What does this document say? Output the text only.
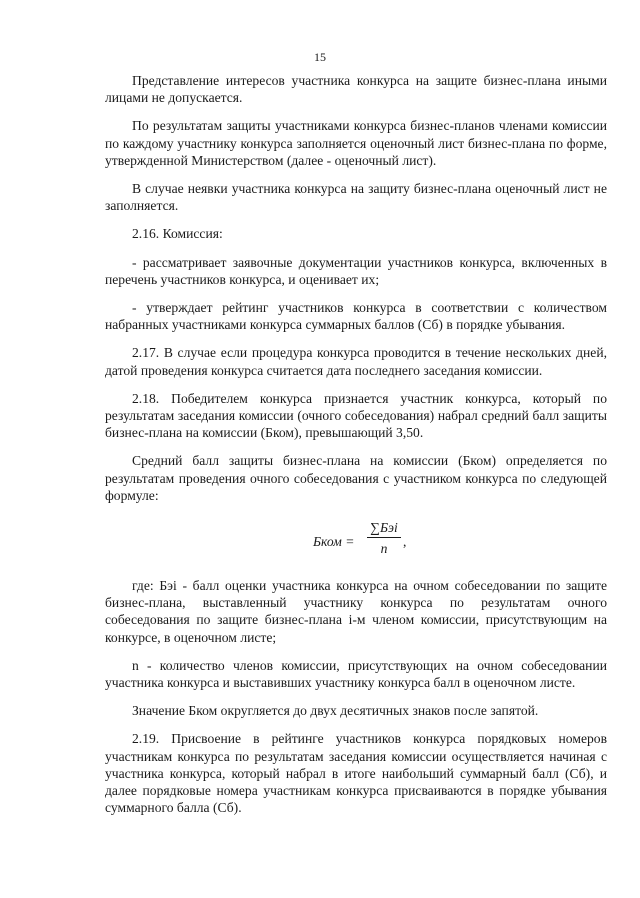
15

Представление интересов участника конкурса на защите бизнес-плана иными лицами не допускается.

По результатам защиты участниками конкурса бизнес-планов членами комиссии по каждому участнику конкурса заполняется оценочный лист бизнес-плана по форме, утвержденной Министерством (далее - оценочный лист).

В случае неявки участника конкурса на защиту бизнес-плана оценочный лист не заполняется.

2.16. Комиссия:

- рассматривает заявочные документации участников конкурса, включенных в перечень участников конкурса, и оценивает их;

- утверждает рейтинг участников конкурса в соответствии с количеством набранных участниками конкурса суммарных баллов (Сб) в порядке убывания.

2.17. В случае если процедура конкурса проводится в течение нескольких дней, датой проведения конкурса считается дата последнего заседания комиссии.

2.18. Победителем конкурса признается участник конкурса, который по результатам заседания комиссии (очного собеседования) набрал средний балл защиты бизнес-плана на комиссии (Бком), превышающий 3,50.

Средний балл защиты бизнес-плана на комиссии (Бком) определяется по результатам проведения очного собеседования с участником конкурса по следующей формуле:

Бком =
∑Бэi
n	,

где: Бэi - балл оценки участника конкурса на очном собеседовании по защите бизнес-плана, выставленный участнику конкурса по результатам очного собеседования по защите бизнес-плана i-м членом комиссии, присутствующим на конкурсе, в оценочном листе;

n - количество членов комиссии, присутствующих на очном собеседовании участника конкурса и выставивших участнику конкурса балл в оценочном листе.

Значение Бком округляется до двух десятичных знаков после запятой.

2.19. Присвоение в рейтинге участников конкурса порядковых номеров участникам конкурса по результатам заседания комиссии осуществляется начиная с участника конкурса, который набрал в итоге наибольший суммарный балл (Сб), и далее порядковые номера участникам конкурса присваиваются в порядке убывания суммарного балла (Сб).
